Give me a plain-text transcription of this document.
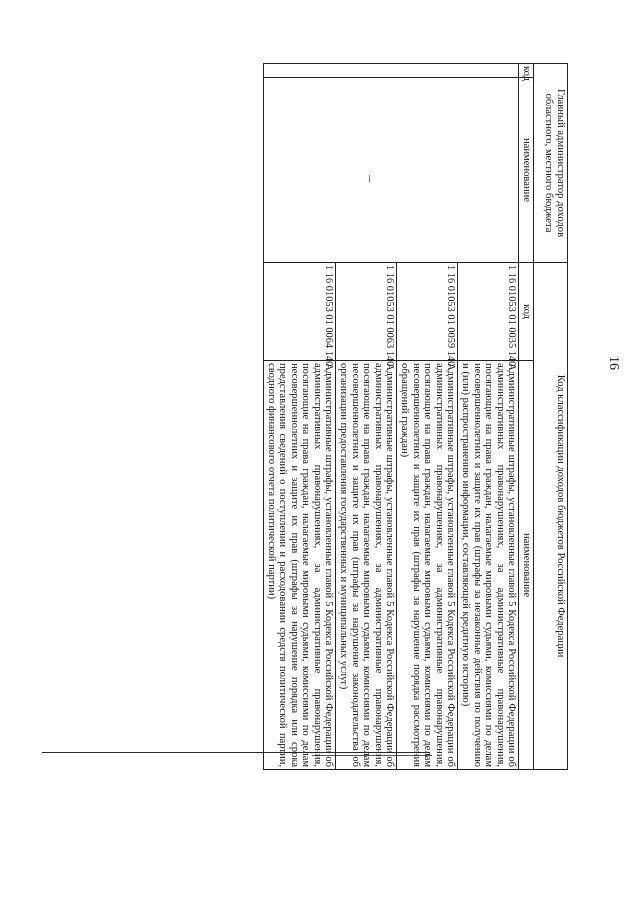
16
Главный администратор доходов областного, местного бюджета		Код классификации доходов бюджетов Российской Федерации	
код	наименование	код	наименование
		1 16 01053 01 0035 140	Административные штрафы, установленные главой 5 Кодекса Российской Федерации об административных правонарушениях, за административные правонарушения, посягающие на права граждан, налагаемые мировыми судьями, комиссиями по делам несовершеннолетних и защите их прав (штрафы за незаконные действия по получению и (или) распространению информации, составляющей кредитную историю)
		1 16 01053 01 0059 140	Административные штрафы, установленные главой 5 Кодекса Российской Федерации об административных правонарушениях, за административные правонарушения, посягающие на права граждан, налагаемые мировыми судьями, комиссиями по делам несовершеннолетних и защите их прав (штрафы за нарушение порядка рассмотрения обращений граждан)
		1 16 01053 01 0063 140	Административные штрафы, установленные главой 5 Кодекса Российской Федерации об административных правонарушениях, за административные правонарушения, посягающие на права граждан, налагаемые мировыми судьями, комиссиями по делам несовершеннолетних и защите их прав (штрафы за нарушение законодательства об организации предоставления государственных и муниципальных услуг)
		1 16 01053 01 0064 140	Административные штрафы, установленные главой 5 Кодекса Российской Федерации об административных правонарушениях, за административные правонарушения, посягающие на права граждан, налагаемые мировыми судьями, комиссиями по делам несовершеннолетних и защите их прав (штрафы за нарушение порядка или срока представления сведений о поступлении и расходовании средств политической партии, сводного финансового отчета политической партии)
